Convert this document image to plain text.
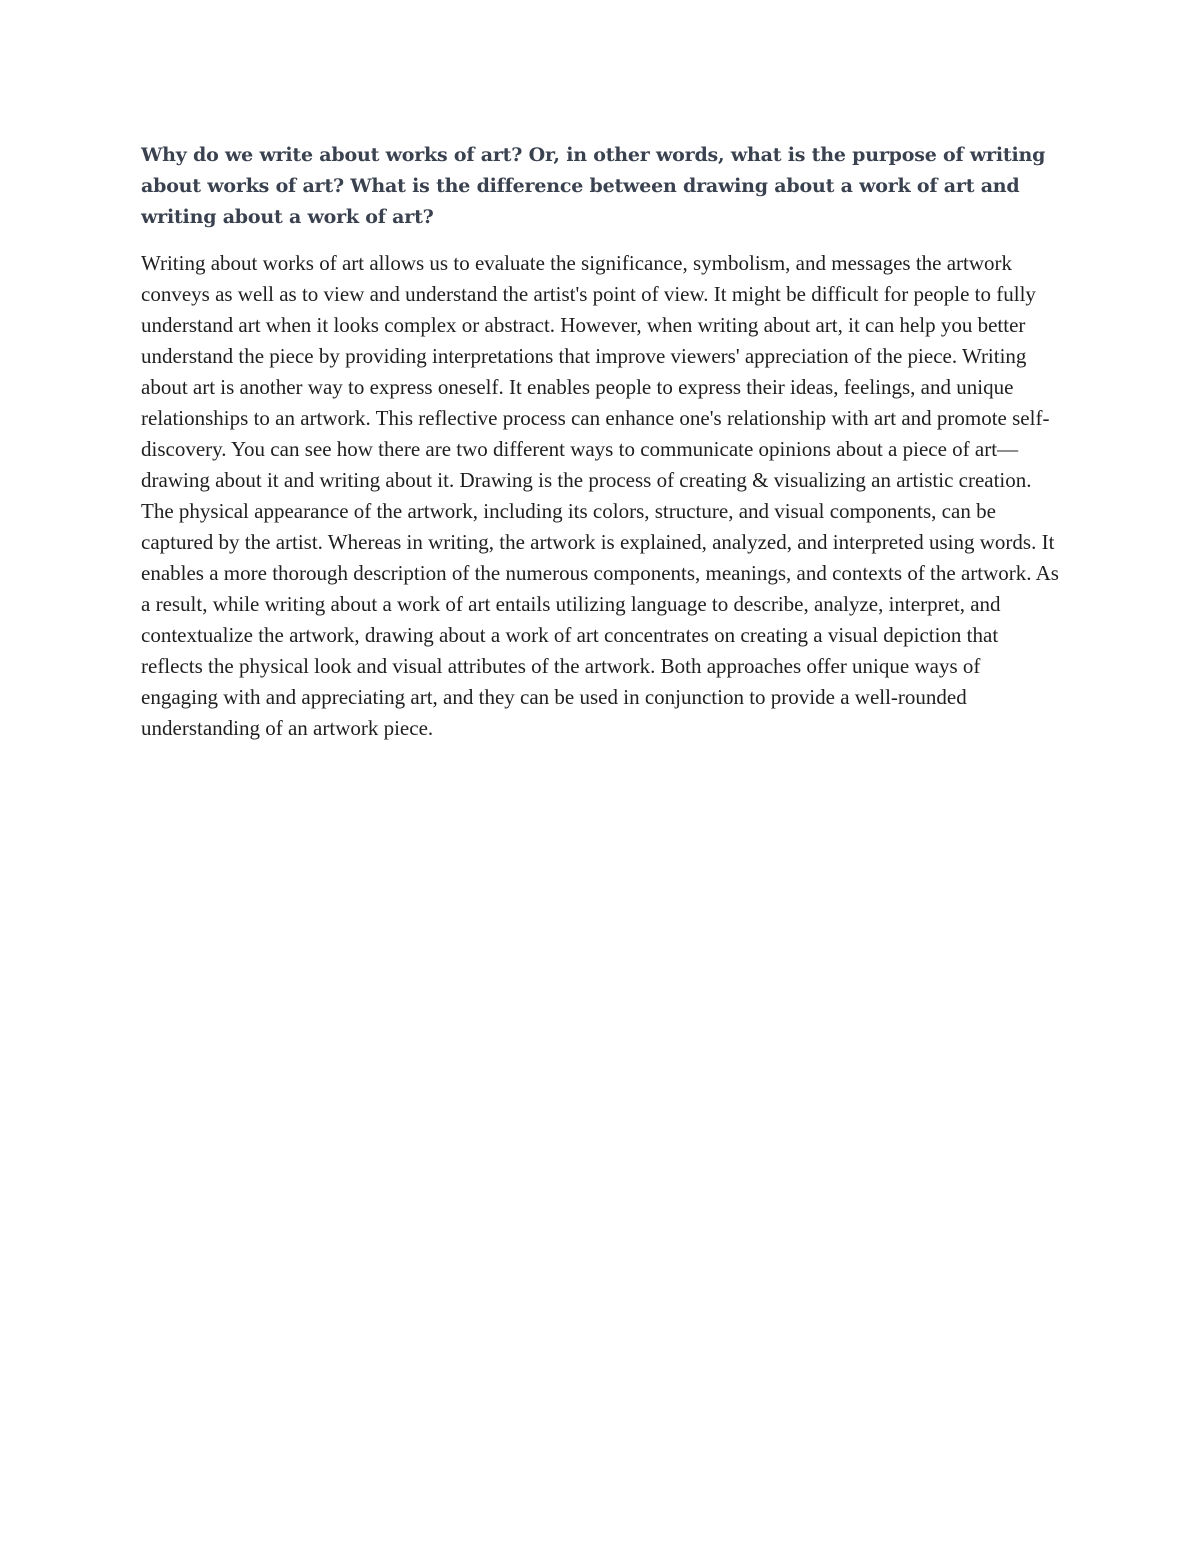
Why do we write about works of art? Or, in other words, what is the purpose of writing about works of art? What is the difference between drawing about a work of art and writing about a work of art?

Writing about works of art allows us to evaluate the significance, symbolism, and messages the artwork conveys as well as to view and understand the artist's point of view. It might be difficult for people to fully understand art when it looks complex or abstract. However, when writing about art, it can help you better understand the piece by providing interpretations that improve viewers' appreciation of the piece. Writing about art is another way to express oneself. It enables people to express their ideas, feelings, and unique relationships to an artwork. This reflective process can enhance one's relationship with art and promote self-discovery. You can see how there are two different ways to communicate opinions about a piece of art—drawing about it and writing about it. Drawing is the process of creating & visualizing an artistic creation. The physical appearance of the artwork, including its colors, structure, and visual components, can be captured by the artist. Whereas in writing, the artwork is explained, analyzed, and interpreted using words. It enables a more thorough description of the numerous components, meanings, and contexts of the artwork. As a result, while writing about a work of art entails utilizing language to describe, analyze, interpret, and contextualize the artwork, drawing about a work of art concentrates on creating a visual depiction that reflects the physical look and visual attributes of the artwork. Both approaches offer unique ways of engaging with and appreciating art, and they can be used in conjunction to provide a well-rounded understanding of an artwork piece.
